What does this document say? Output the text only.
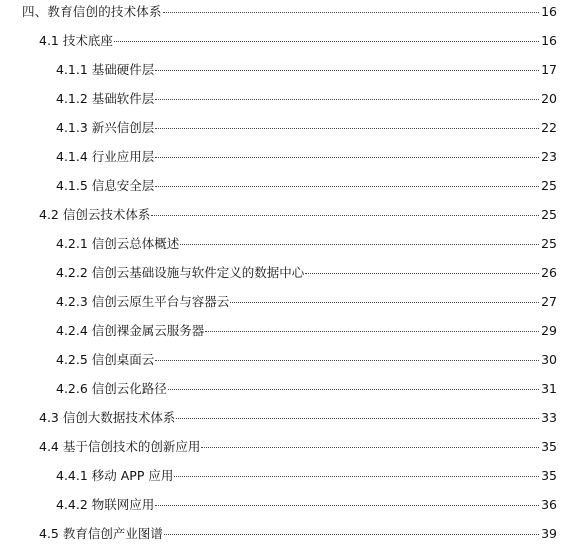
四、教育信创的技术体系	16
4.1 技术底座	16
4.1.1 基础硬件层	17
4.1.2 基础软件层	20
4.1.3 新兴信创层	22
4.1.4 行业应用层	23
4.1.5 信息安全层	25
4.2 信创云技术体系	25
4.2.1 信创云总体概述	25
4.2.2 信创云基础设施与软件定义的数据中心	26
4.2.3 信创云原生平台与容器云	27
4.2.4 信创裸金属云服务器	29
4.2.5 信创桌面云	30
4.2.6 信创云化路径	31
4.3 信创大数据技术体系	33
4.4 基于信创技术的创新应用	35
4.4.1 移动 APP 应用	35
4.4.2 物联网应用	36
4.5 教育信创产业图谱	39
